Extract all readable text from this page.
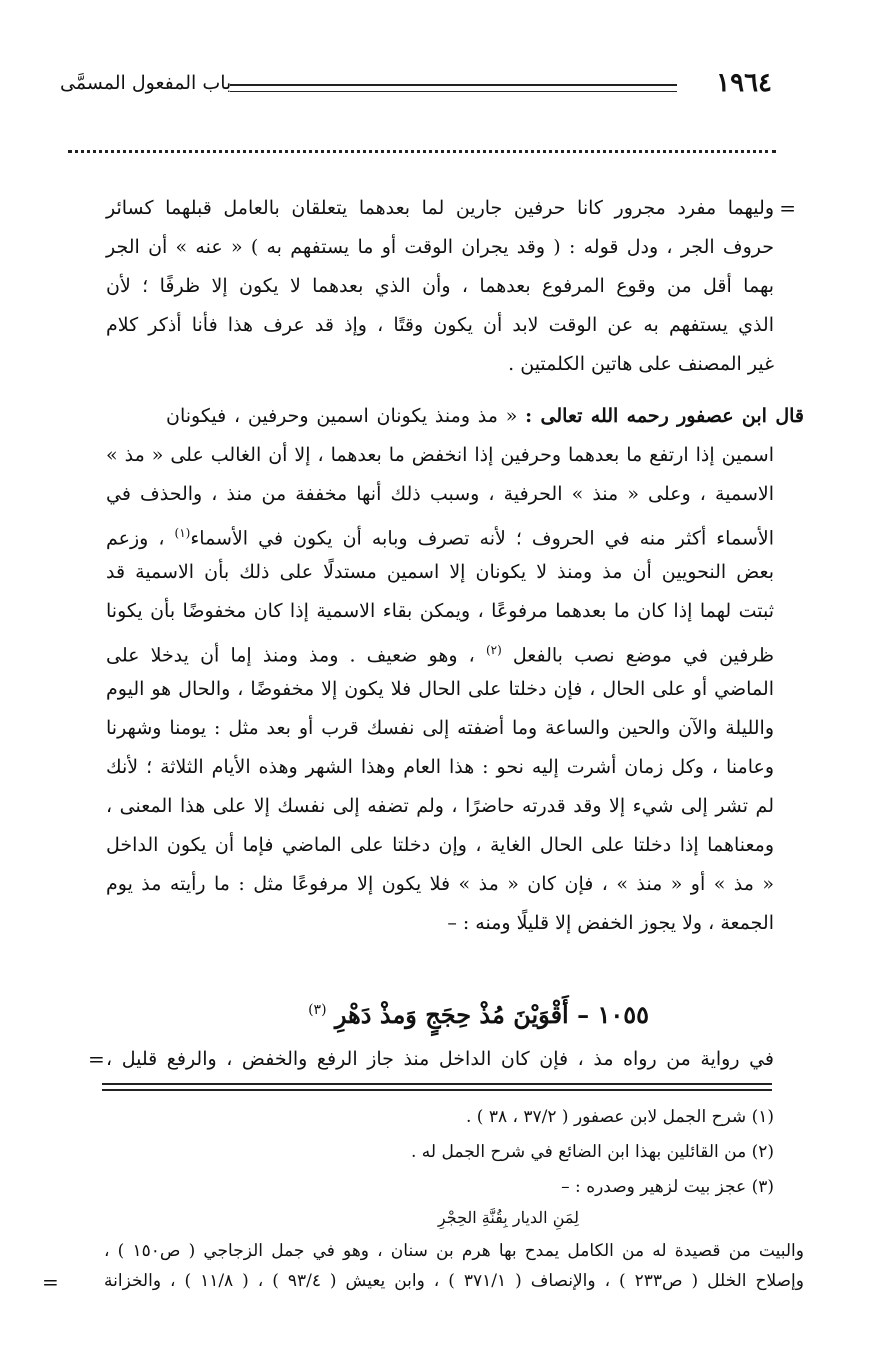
١٩٦٤
باب المفعول المسمَّى
وليهما مفرد مجرور كانا حرفين جارين لما بعدهما يتعلقان بالعامل قبلهما كسائر =
حروف الجر ، ودل قوله : ( وقد يجران الوقت أو ما يستفهم به ) « عنه » أن الجر
بهما أقل من وقوع المرفوع بعدهما ، وأن الذي بعدهما لا يكون إلا ظرفًا ؛ لأن
الذي يستفهم به عن الوقت لابد أن يكون وقتًا ، وإذ قد عرف هذا فأنا أذكر كلام
غير المصنف على هاتين الكلمتين .
قال ابن عصفور رحمه الله تعالى : « مذ ومنذ يكونان اسمين وحرفين ، فيكونان
اسمين إذا ارتفع ما بعدهما وحرفين إذا انخفض ما بعدهما ، إلا أن الغالب على « مذ »
الاسمية ، وعلى « منذ » الحرفية ، وسبب ذلك أنها مخففة من منذ ، والحذف في
الأسماء أكثر منه في الحروف ؛ لأنه تصرف وبابه أن يكون في الأسماء$^{(١)}$ ، وزعم
بعض النحويين أن مذ ومنذ لا يكونان إلا اسمين مستدلًا على ذلك بأن الاسمية قد
ثبتت لهما إذا كان ما بعدهما مرفوعًا ، ويمكن بقاء الاسمية إذا كان مخفوضًا بأن يكونا
ظرفين في موضع نصب بالفعل $^{(٢)}$ ، وهو ضعيف . ومذ ومنذ إما أن يدخلا على
الماضي أو على الحال ، فإن دخلتا على الحال فلا يكون إلا مخفوضًا ، والحال هو اليوم
والليلة والآن والحين والساعة وما أضفته إلى نفسك قرب أو بعد مثل : يومنا وشهرنا
وعامنا ، وكل زمان أشرت إليه نحو : هذا العام وهذا الشهر وهذه الأيام الثلاثة ؛ لأنك
لم تشر إلى شيء إلا وقد قدرته حاضرًا ، ولم تضفه إلى نفسك إلا على هذا المعنى ،
ومعناهما إذا دخلتا على الحال الغاية ، وإن دخلتا على الماضي فإما أن يكون الداخل
« مذ » أو « منذ » ، فإن كان « مذ » فلا يكون إلا مرفوعًا مثل : ما رأيته مذ يوم
الجمعة ، ولا يجوز الخفض إلا قليلًا ومنه : –
١٠٥٥ – أَقْوَيْنَ مُذْ حِجَجٍ وَمذْ دَهْرِ $^{(٣)}$
في رواية من رواه مذ ، فإن كان الداخل منذ جاز الرفع والخفض ، والرفع قليل ،
=
(١) شرح الجمل لابن عصفور ( ٣٧/٢ ، ٣٨ ) .
(٢) من القائلين بهذا ابن الضائع في شرح الجمل له .
(٣) عجز بيت لزهير وصدره : –
لِمَنِ الديار بِقُنَّةِ الحِجْرِ
والبيت من قصيدة له من الكامل يمدح بها هرم بن سنان ، وهو في جمل الزجاجي ( ص١٥٠ ) ،
وإصلاح الخلل ( ص٢٣٣ ) ، والإنصاف ( ٣٧١/١ ) ، وابن يعيش ( ٩٣/٤ ) ، ( ١١/٨ ) ، والخزانة
=
